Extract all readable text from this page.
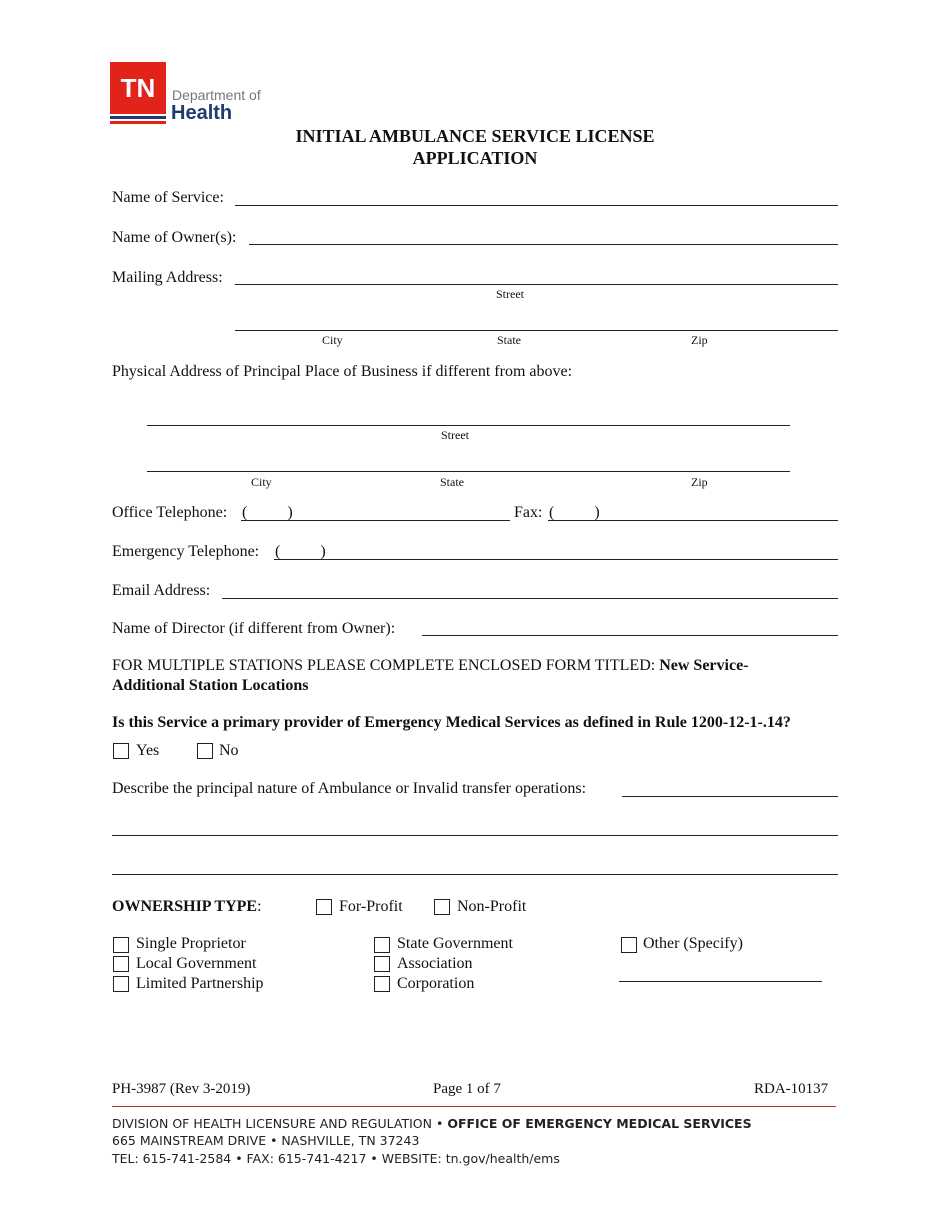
TN	Department of
Health
INITIAL AMBULANCE SERVICE LICENSE
APPLICATION
Name of Service:
Name of Owner(s):
Mailing Address:
Street
City	State	Zip
Physical Address of Principal Place of Business if different from above:
Street
City	State	Zip
Office Telephone: (          )	Fax: (          )
Emergency Telephone: (          )
Email Address:
Name of Director (if different from Owner):
FOR MULTIPLE STATIONS PLEASE COMPLETE ENCLOSED FORM TITLED: New Service-
Additional Station Locations
Is this Service a primary provider of Emergency Medical Services as defined in Rule 1200-12-1-.14?
Yes	No
Describe the principal nature of Ambulance or Invalid transfer operations:
OWNERSHIP TYPE:	For-Profit	Non-Profit
Single Proprietor
Local Government
Limited Partnership
State Government
Association
Corporation
Other (Specify)
PH-3987 (Rev 3-2019)	Page 1 of 7	RDA-10137
DIVISION OF HEALTH LICENSURE AND REGULATION • OFFICE OF EMERGENCY MEDICAL SERVICES
665 MAINSTREAM DRIVE • NASHVILLE, TN 37243
TEL: 615-741-2584 • FAX: 615-741-4217 • WEBSITE: tn.gov/health/ems
